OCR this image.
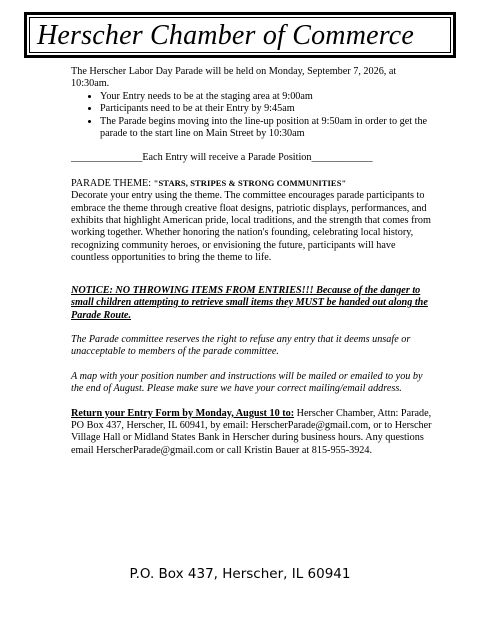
Herscher Chamber of Commerce

The Herscher Labor Day Parade will be held on Monday, September 7, 2026, at 10:30am.

• Your Entry needs to be at the staging area at 9:00am
• Participants need to be at their Entry by 9:45am
• The Parade begins moving into the line-up position at 9:50am in order to get the parade to the start line on Main Street by 10:30am

______________Each Entry will receive a Parade Position____________

PARADE THEME: "STARS, STRIPES & STRONG COMMUNITIES"

Decorate your entry using the theme. The committee encourages parade participants to embrace the theme through creative float designs, patriotic displays, performances, and exhibits that highlight American pride, local traditions, and the strength that comes from working together. Whether honoring the nation's founding, celebrating local history, recognizing community heroes, or envisioning the future, participants will have countless opportunities to bring the theme to life.

NOTICE: NO THROWING ITEMS FROM ENTRIES!!! Because of the danger to small children attempting to retrieve small items they MUST be handed out along the Parade Route.

The Parade committee reserves the right to refuse any entry that it deems unsafe or unacceptable to members of the parade committee.

A map with your position number and instructions will be mailed or emailed to you by the end of August. Please make sure we have your correct mailing/email address.

Return your Entry Form by Monday, August 10 to: Herscher Chamber, Attn: Parade, PO Box 437, Herscher, IL 60941, by email: HerscherParade@gmail.com, or to Herscher Village Hall or Midland States Bank in Herscher during business hours. Any questions email HerscherParade@gmail.com or call Kristin Bauer at 815-955-3924.

P.O. Box 437, Herscher, IL 60941
